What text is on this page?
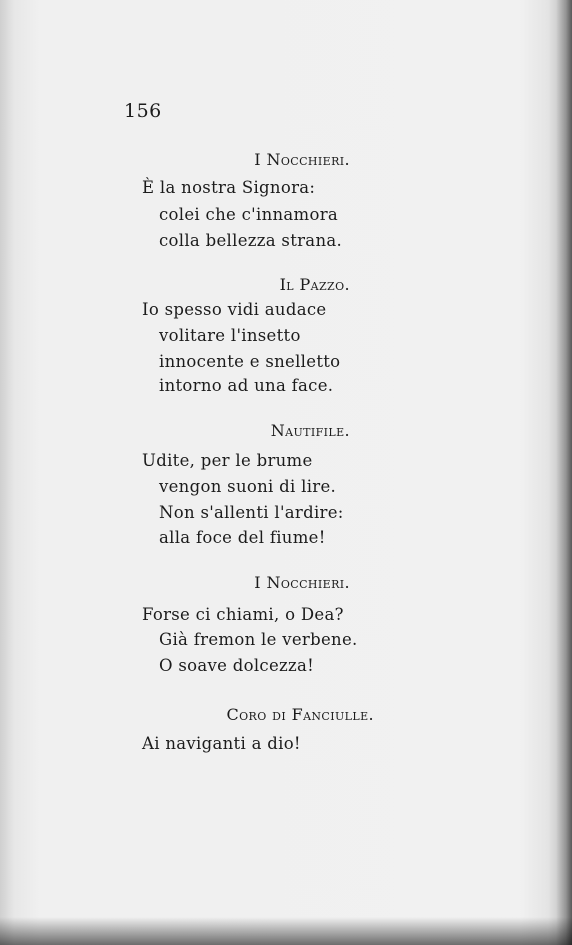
156
I Nocchieri.
È la nostra Signora:
colei che c'innamora
colla bellezza strana.
Il Pazzo.
Io spesso vidi audace
volitare l'insetto
innocente e snelletto
intorno ad una face.
Nautifile.
Udite, per le brume
vengon suoni di lire.
Non s'allenti l'ardire:
alla foce del fiume!
I Nocchieri.
Forse ci chiami, o Dea?
Già fremon le verbene.
O soave dolcezza!
Coro di Fanciulle.
Ai naviganti a dio!
